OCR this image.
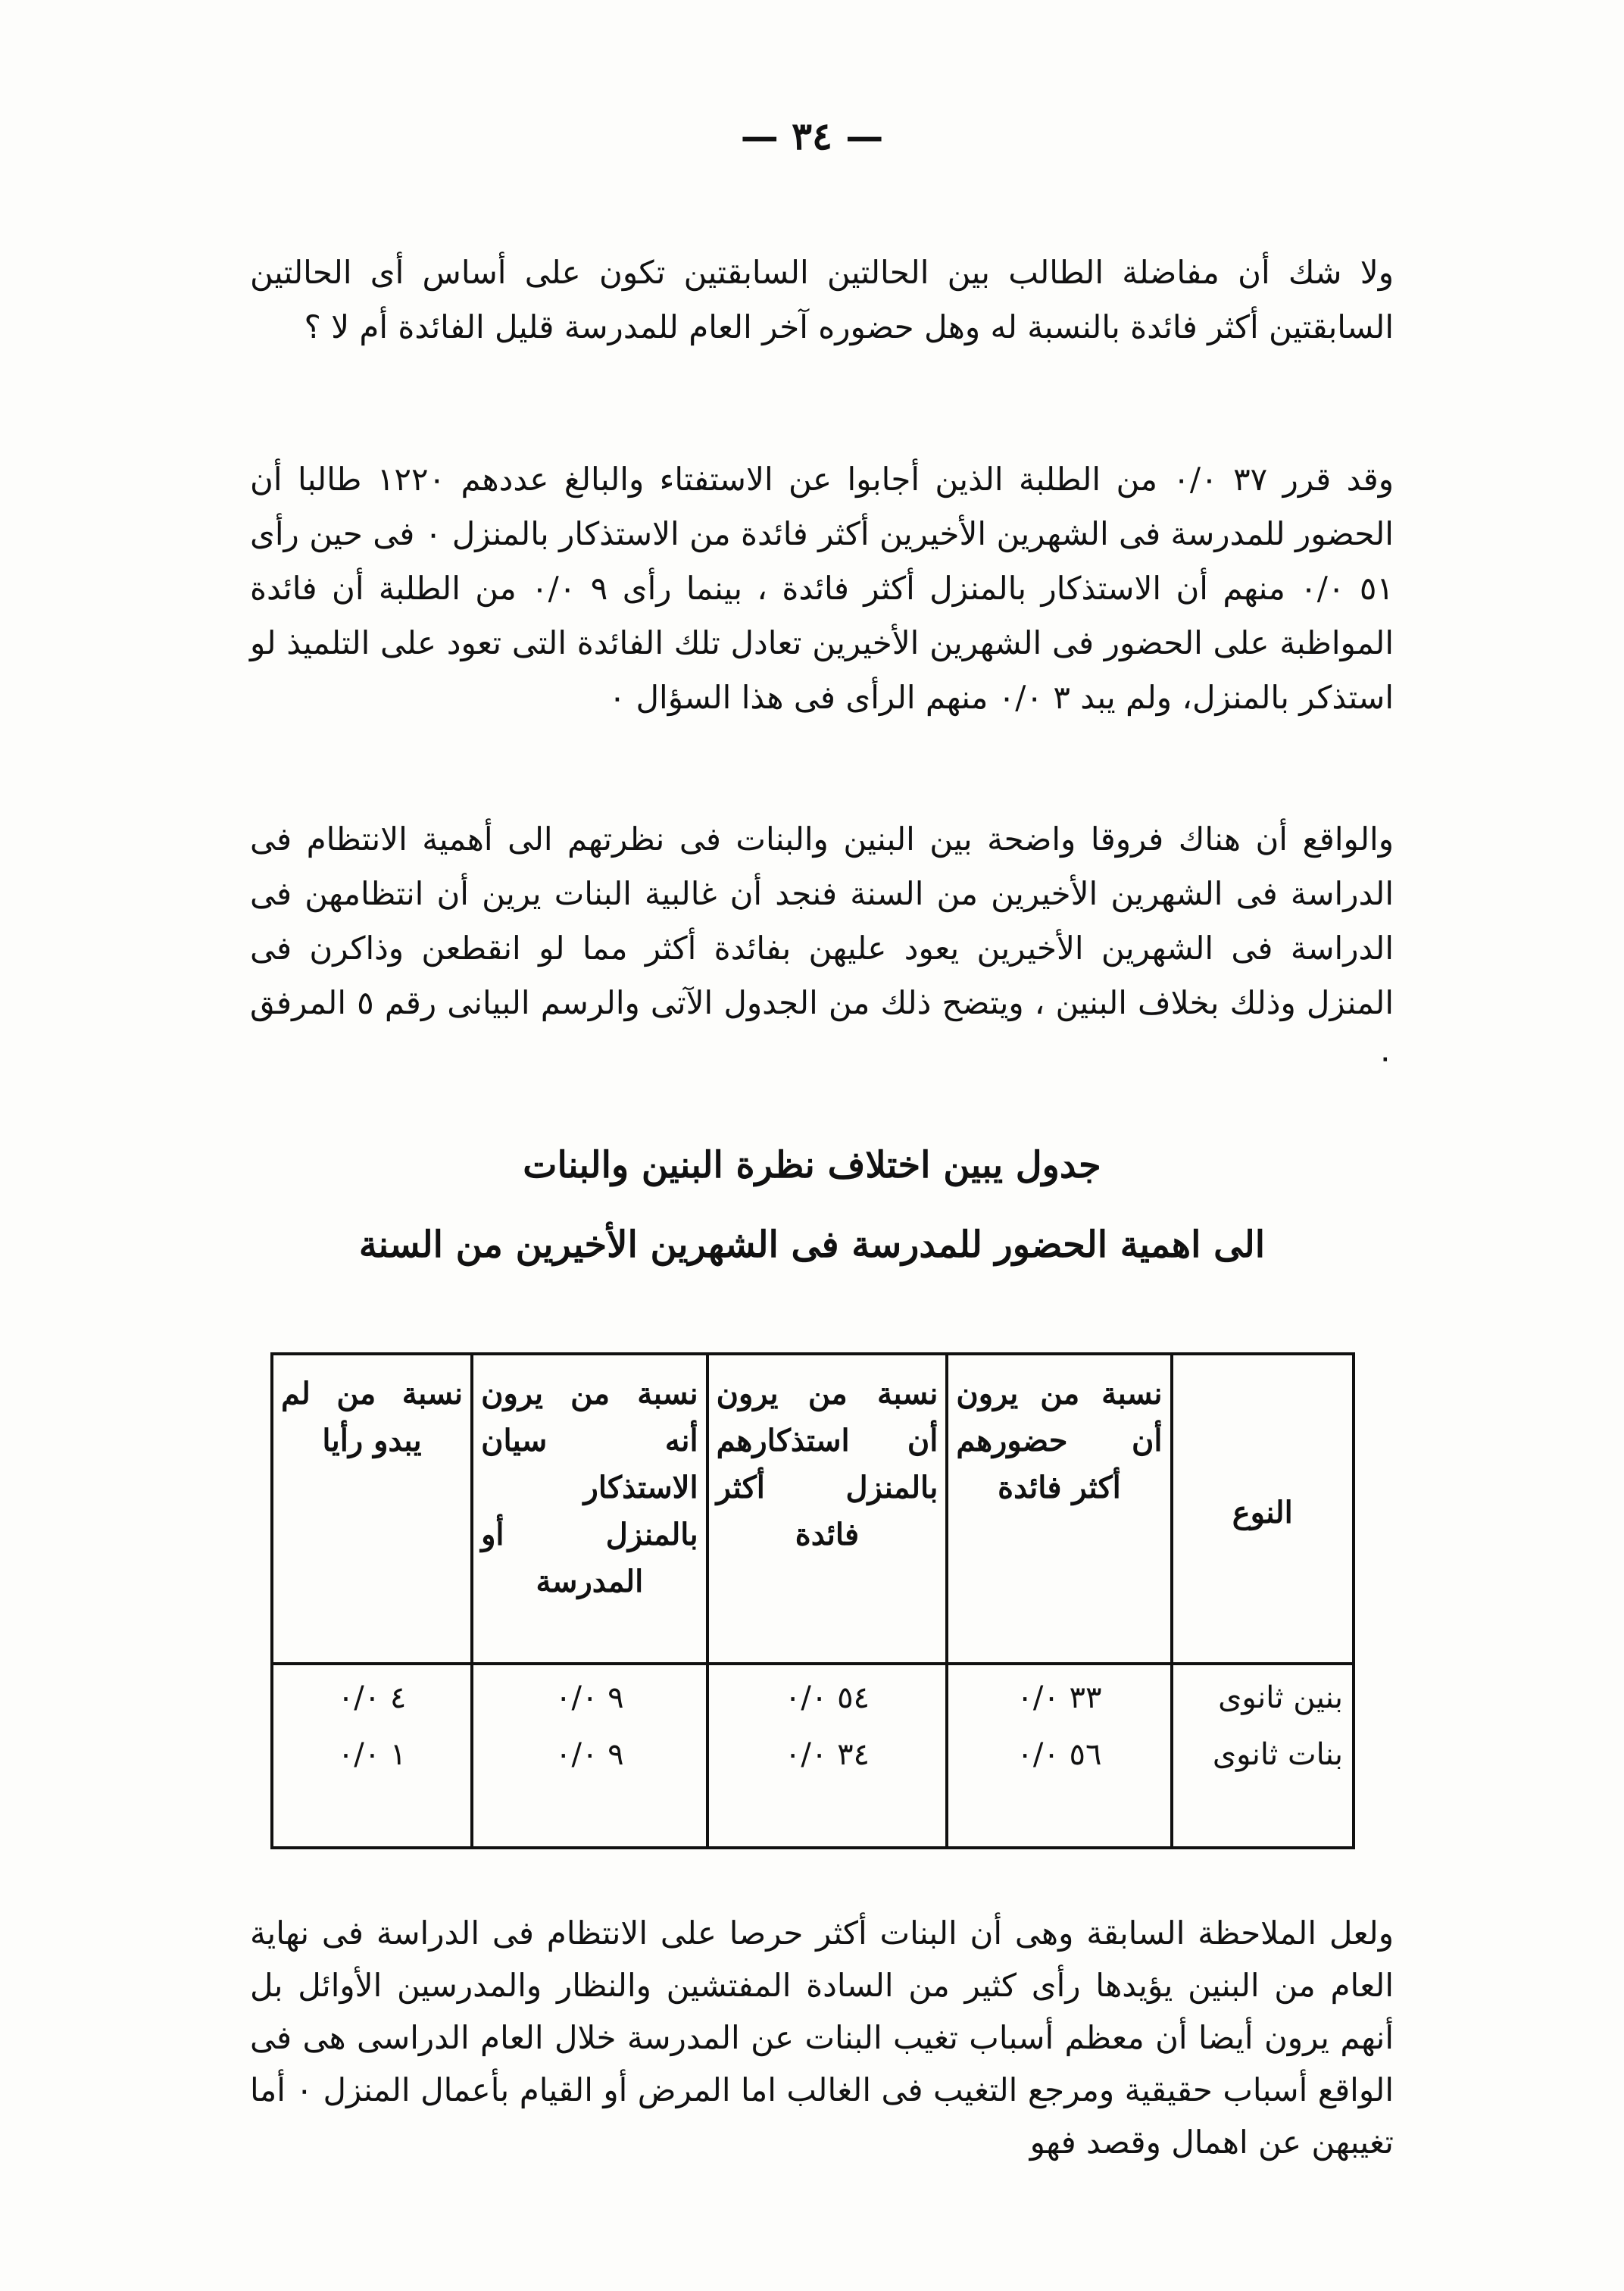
— ٣٤ —

ولا شك أن مفاضلة الطالب بين الحالتين السابقتين تكون على أساس أى الحالتين السابقتين أكثر فائدة بالنسبة له وهل حضوره آخر العام للمدرسة قليل الفائدة أم لا ؟

وقد قرر ٣٧ ٠/٠ من الطلبة الذين أجابوا عن الاستفتاء والبالغ عددهم ١٢٢٠ طالبا أن الحضور للمدرسة فى الشهرين الأخيرين أكثر فائدة من الاستذكار بالمنزل ٠ فى حين رأى ٥١ ٠/٠ منهم أن الاستذكار بالمنزل أكثر فائدة ، بينما رأى ٩ ٠/٠ من الطلبة أن فائدة المواظبة على الحضور فى الشهرين الأخيرين تعادل تلك الفائدة التى تعود على التلميذ لو استذكر بالمنزل، ولم يبد ٣ ٠/٠ منهم الرأى فى هذا السؤال ٠

والواقع أن هناك فروقا واضحة بين البنين والبنات فى نظرتهم الى أهمية الانتظام فى الدراسة فى الشهرين الأخيرين من السنة فنجد أن غالبية البنات يرين أن انتظامهن فى الدراسة فى الشهرين الأخيرين يعود عليهن بفائدة أكثر مما لو انقطعن وذاكرن فى المنزل وذلك بخلاف البنين ، ويتضح ذلك من الجدول الآتى والرسم البيانى رقم ٥ المرفق ٠

جدول يبين اختلاف نظرة البنين والبنات
الى اهمية الحضور للمدرسة فى الشهرين الأخيرين من السنة
النوع	نسبة من يرون أن حضورهم أكثر فائدة	نسبة من يرون أن استذكارهم بالمنزل أكثر فائدة	نسبة من يرون أنه سيان الاستذكار بالمنزل أو المدرسة	نسبة من لم يبدو رأيا
بنين ثانوى	٣٣ ٠/٠	٥٤ ٠/٠	٩ ٠/٠	٤ ٠/٠
بنات ثانوى	٥٦ ٠/٠	٣٤ ٠/٠	٩ ٠/٠	١ ٠/٠

ولعل الملاحظة السابقة وهى أن البنات أكثر حرصا على الانتظام فى الدراسة فى نهاية العام من البنين يؤيدها رأى كثير من السادة المفتشين والنظار والمدرسين الأوائل بل أنهم يرون أيضا أن معظم أسباب تغيب البنات عن المدرسة خلال العام الدراسى هى فى الواقع أسباب حقيقية ومرجع التغيب فى الغالب اما المرض أو القيام بأعمال المنزل ٠ أما تغيبهن عن اهمال وقصد فهو
